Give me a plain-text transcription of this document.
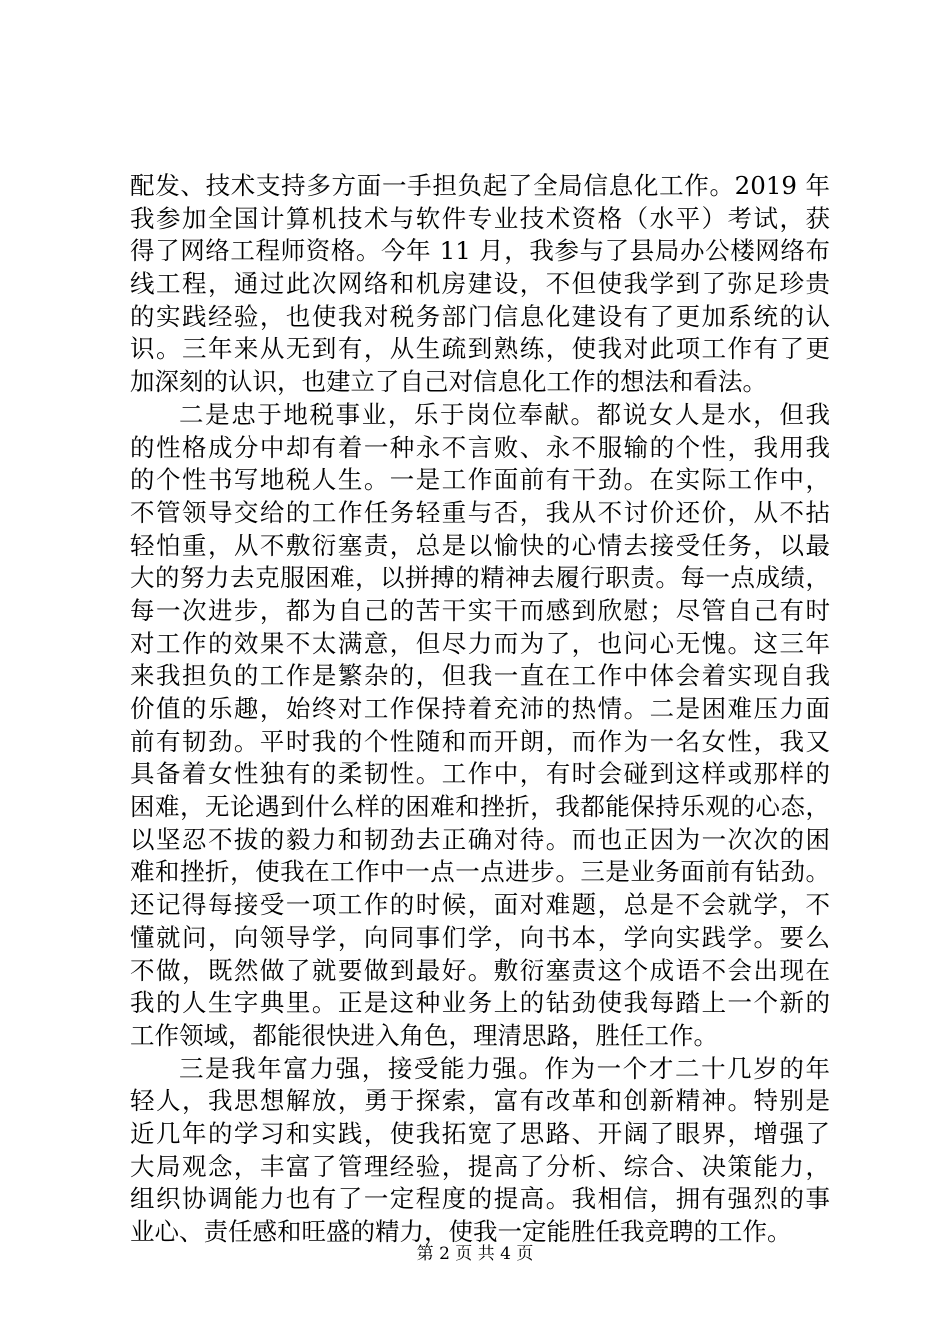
配发、技术支持多方面一手担负起了全局信息化工作。2019 年
我参加全国计算机技术与软件专业技术资格（水平）考试，获
得了网络工程师资格。今年 11 月，我参与了县局办公楼网络布
线工程，通过此次网络和机房建设，不但使我学到了弥足珍贵
的实践经验，也使我对税务部门信息化建设有了更加系统的认
识。三年来从无到有，从生疏到熟练，使我对此项工作有了更
加深刻的认识，也建立了自己对信息化工作的想法和看法。
二是忠于地税事业，乐于岗位奉献。都说女人是水，但我
的性格成分中却有着一种永不言败、永不服输的个性，我用我
的个性书写地税人生。一是工作面前有干劲。在实际工作中，
不管领导交给的工作任务轻重与否，我从不讨价还价，从不拈
轻怕重，从不敷衍塞责，总是以愉快的心情去接受任务，以最
大的努力去克服困难，以拼搏的精神去履行职责。每一点成绩，
每一次进步，都为自己的苦干实干而感到欣慰；尽管自己有时
对工作的效果不太满意，但尽力而为了，也问心无愧。这三年
来我担负的工作是繁杂的，但我一直在工作中体会着实现自我
价值的乐趣，始终对工作保持着充沛的热情。二是困难压力面
前有韧劲。平时我的个性随和而开朗，而作为一名女性，我又
具备着女性独有的柔韧性。工作中，有时会碰到这样或那样的
困难，无论遇到什么样的困难和挫折，我都能保持乐观的心态，
以坚忍不拔的毅力和韧劲去正确对待。而也正因为一次次的困
难和挫折，使我在工作中一点一点进步。三是业务面前有钻劲。
还记得每接受一项工作的时候，面对难题，总是不会就学，不
懂就问，向领导学，向同事们学，向书本，学向实践学。要么
不做，既然做了就要做到最好。敷衍塞责这个成语不会出现在
我的人生字典里。正是这种业务上的钻劲使我每踏上一个新的
工作领域，都能很快进入角色，理清思路，胜任工作。
三是我年富力强，接受能力强。作为一个才二十几岁的年
轻人，我思想解放，勇于探索，富有改革和创新精神。特别是
近几年的学习和实践，使我拓宽了思路、开阔了眼界，增强了
大局观念，丰富了管理经验，提高了分析、综合、决策能力，
组织协调能力也有了一定程度的提高。我相信，拥有强烈的事
业心、责任感和旺盛的精力，使我一定能胜任我竞聘的工作。
第 2 页 共 4 页
